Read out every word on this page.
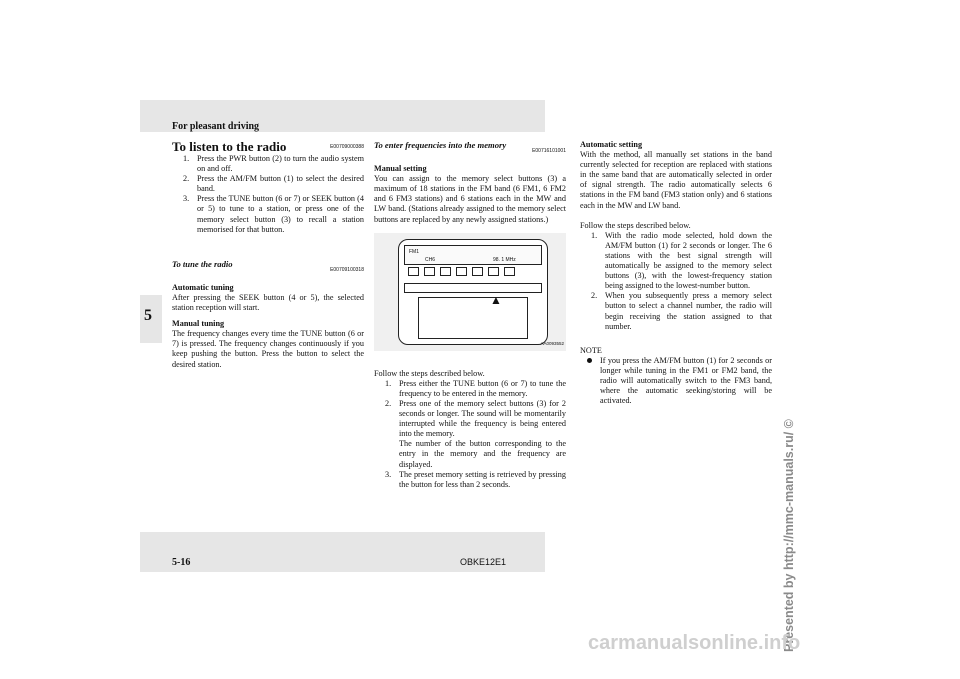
For pleasant driving
5
5-16	OBKE12E1
To listen to the radio	E00709000388
1. Press the PWR button (2) to turn the audio system on and off.
2. Press the AM/FM button (1) to select the desired band.
3. Press the TUNE button (6 or 7) or SEEK button (4 or 5) to tune to a station, or press one of the memory select button (3) to recall a station memorised for that button.
To tune the radio
E00709100318

Automatic tuning

After pressing the SEEK button (4 or 5), the selected station reception will start.

Manual tuning

The frequency changes every time the TUNE button (6 or 7) is pressed. The frequency changes continuously if you keep pushing the button. Press the button to select the desired station.

To enter frequencies into the memory
E00716101001

Manual setting

You can assign to the memory select buttons (3) a maximum of 18 stations in the FM band (6 FM1, 6 FM2 and 6 FM3 stations) and 6 stations each in the MW and LW band. (Stations already assigned to the memory select buttons are replaced by any newly assigned stations.)

FM1
CH6	98. 1 MHz
▲
AA0093552

Follow the steps described below.

1. Press either the TUNE button (6 or 7) to tune the frequency to be entered in the memory.
2. Press one of the memory select buttons (3) for 2 seconds or longer. The sound will be momentarily interrupted while the frequency is being entered into the memory.
The number of the button corresponding to the entry in the memory and the frequency are displayed.
3. The preset memory setting is retrieved by pressing the button for less than 2 seconds.

Automatic setting

With the method, all manually set stations in the band currently selected for reception are replaced with stations in the same band that are automatically selected in order of signal strength. The radio automatically selects 6 stations in the FM band (FM3 station only) and 6 stations each in the MW and LW band.

Follow the steps described below.

1. With the radio mode selected, hold down the AM/FM button (1) for 2 seconds or longer. The 6 stations with the best signal strength will automatically be assigned to the memory select buttons (3), with the lowest-frequency station being assigned to the lowest-number button.
2. When you subsequently press a memory select button to select a channel number, the radio will begin receiving the station assigned to that number.

NOTE

If you press the AM/FM button (1) for 2 seconds or longer while tuning in the FM1 or FM2 band, the radio will automatically switch to the FM3 band, where the automatic seeking/storing will be activated.
Presented by http://mmc-manuals.ru/ ©
carmanualsonline.info
